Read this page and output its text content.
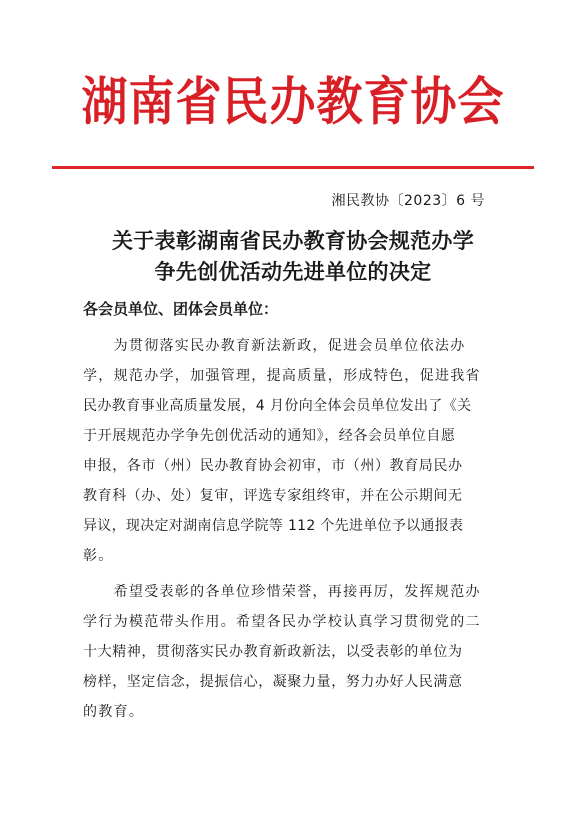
湖南省民办教育协会
湘民教协〔2023〕6 号
关于表彰湖南省民办教育协会规范办学
争先创优活动先进单位的决定
各会员单位、团体会员单位：
　　为贯彻落实民办教育新法新政，促进会员单位依法办
学，规范办学，加强管理，提高质量，形成特色，促进我省
民办教育事业高质量发展，4 月份向全体会员单位发出了《关
于开展规范办学争先创优活动的通知》，经各会员单位自愿
申报，各市（州）民办教育协会初审，市（州）教育局民办
教育科（办、处）复审，评选专家组终审，并在公示期间无
异议，现决定对湖南信息学院等 112 个先进单位予以通报表
彰。
　　希望受表彰的各单位珍惜荣誉，再接再厉，发挥规范办
学行为模范带头作用。希望各民办学校认真学习贯彻党的二
十大精神，贯彻落实民办教育新政新法，以受表彰的单位为
榜样，坚定信念，提振信心，凝聚力量，努力办好人民满意
的教育。
